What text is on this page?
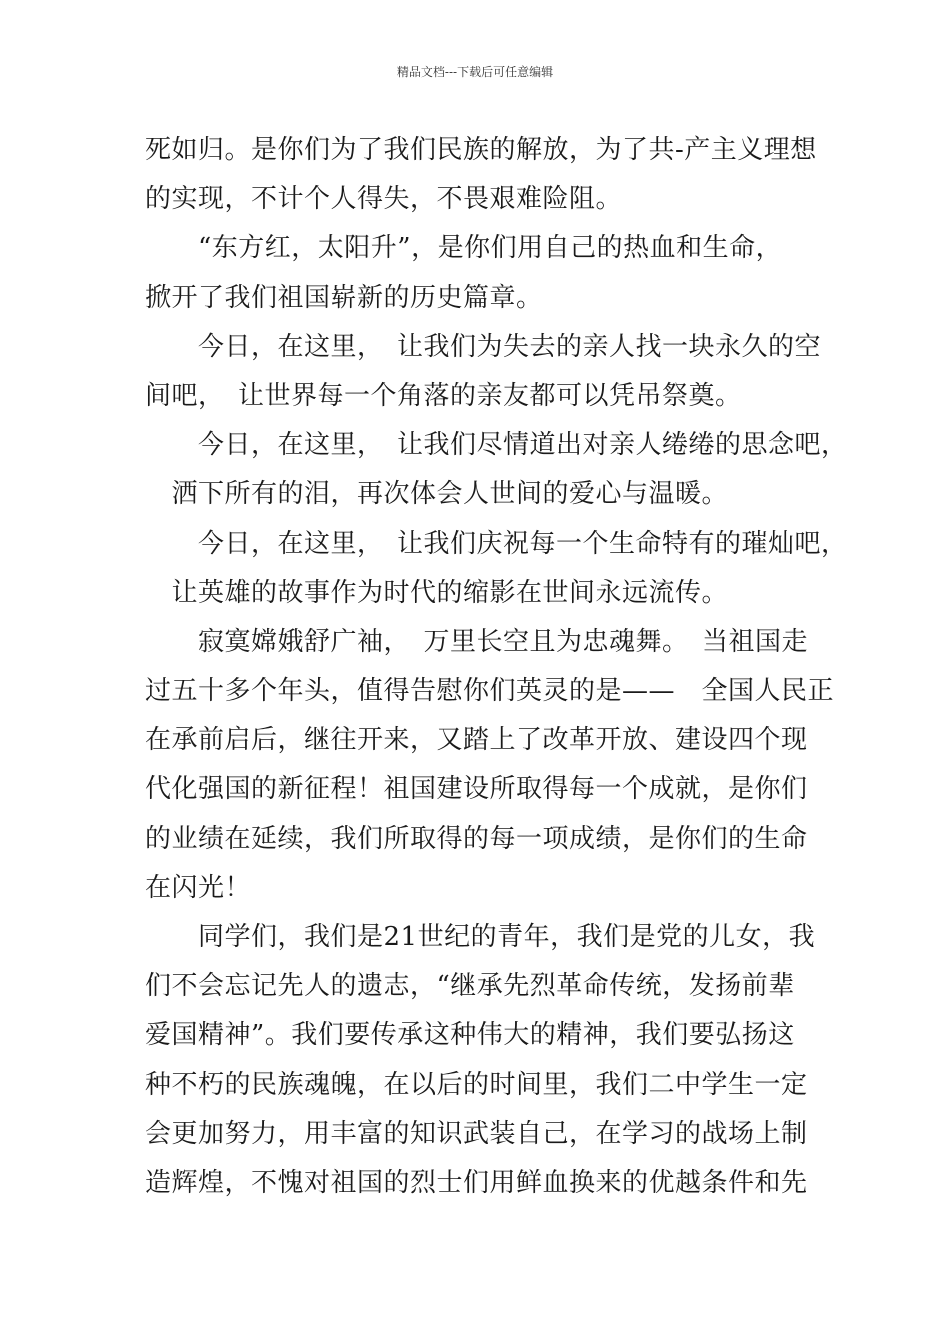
精品文档---下载后可任意编辑
死如归。是你们为了我们民族的解放，为了共-产主义理想
的实现，不计个人得失，不畏艰难险阻。
　　“东方红，太阳升”，是你们用自己的热血和生命，
掀开了我们祖国崭新的历史篇章。
　　今日，在这里，　让我们为失去的亲人找一块永久的空
间吧，　让世界每一个角落的亲友都可以凭吊祭奠。
　　今日，在这里，　让我们尽情道出对亲人绻绻的思念吧，
　洒下所有的泪，再次体会人世间的爱心与温暖。
　　今日，在这里，　让我们庆祝每一个生命特有的璀灿吧，
　让英雄的故事作为时代的缩影在世间永远流传。
　　寂寞嫦娥舒广袖，　万里长空且为忠魂舞。　当祖国走
过五十多个年头，值得告慰你们英灵的是——　全国人民正
在承前启后，继往开来，又踏上了改革开放、建设四个现
代化强国的新征程！祖国建设所取得每一个成就，是你们
的业绩在延续，我们所取得的每一项成绩，是你们的生命
在闪光！
　　同学们，我们是21世纪的青年，我们是党的儿女，我
们不会忘记先人的遗志，“继承先烈革命传统，发扬前辈
爱国精神”。我们要传承这种伟大的精神，我们要弘扬这
种不朽的民族魂魄，在以后的时间里，我们二中学生一定
会更加努力，用丰富的知识武装自己，在学习的战场上制
造辉煌，不愧对祖国的烈士们用鲜血换来的优越条件和先
